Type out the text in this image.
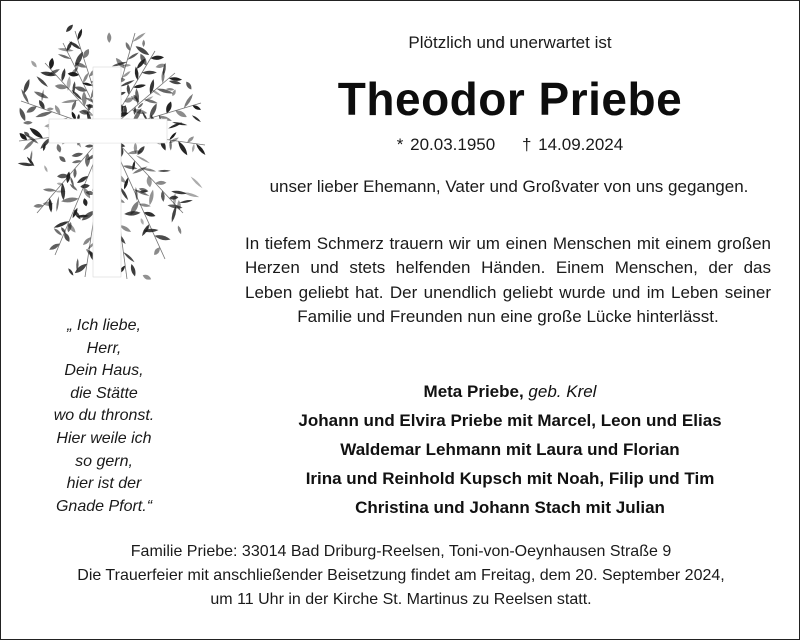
„ Ich liebe,
Herr,
Dein Haus,
die Stätte
wo du thronst.
Hier weile ich
so gern,
hier ist der
Gnade Pfort.“
Plötzlich und unerwartet ist
Theodor Priebe
* 20.03.1950 † 14.09.2024
unser lieber Ehemann, Vater und Großvater von uns gegangen.
In tiefem Schmerz trauern wir um einen Menschen mit einem großen Herzen und stets helfenden Händen. Einem Menschen, der das Leben geliebt hat. Der unendlich geliebt wurde und im Leben seiner Familie und Freunden nun eine große Lücke hinterlässt.
Meta Priebe, geb. Krel
Johann und Elvira Priebe mit Marcel, Leon und Elias
Waldemar Lehmann mit Laura und Florian
Irina und Reinhold Kupsch mit Noah, Filip und Tim
Christina und Johann Stach mit Julian
Familie Priebe: 33014 Bad Driburg-Reelsen, Toni-von-Oeynhausen Straße 9
Die Trauerfeier mit anschließender Beisetzung findet am Freitag, dem 20. September 2024,
um 11 Uhr in der Kirche St. Martinus zu Reelsen statt.
